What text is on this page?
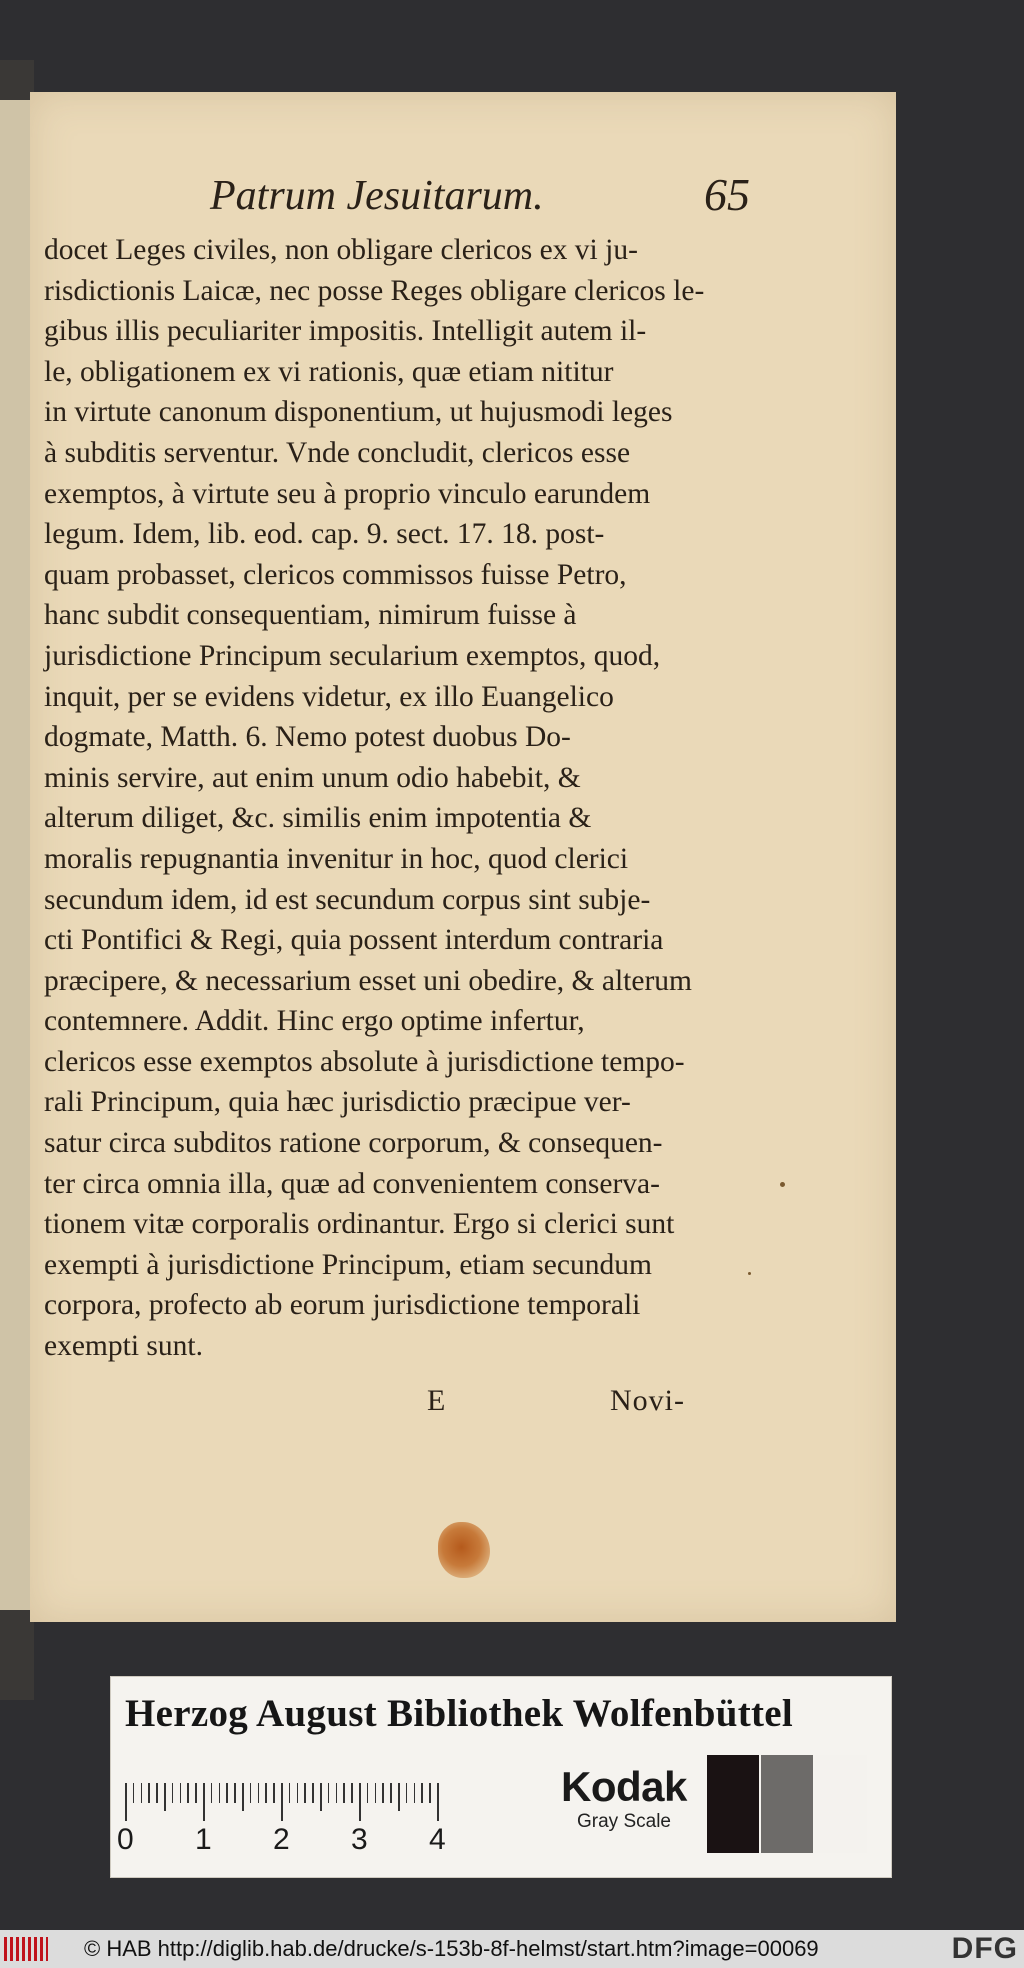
Patrum Jesuitarum.	65
docet Leges civiles, non obligare clericos ex vi ju-
risdictionis Laicæ, nec posse Reges obligare clericos le-
gibus illis peculiariter impositis. Intelligit autem il-
le, obligationem ex vi rationis, quæ etiam nititur
in virtute canonum disponentium, ut hujusmodi leges
à subditis serventur. Vnde concludit, clericos esse
exemptos, à virtute seu à proprio vinculo earundem
legum. Idem, lib. eod. cap. 9. sect. 17. 18. post-
quam probasset, clericos commissos fuisse Petro,
hanc subdit consequentiam, nimirum fuisse à
jurisdictione Principum secularium exemptos, quod,
inquit, per se evidens videtur, ex illo Euangelico
dogmate, Matth. 6. Nemo potest duobus Do-
minis servire, aut enim unum odio habebit, &
alterum diliget, &c. similis enim impotentia &
moralis repugnantia invenitur in hoc, quod clerici
secundum idem, id est secundum corpus sint subje-
cti Pontifici & Regi, quia possent interdum contraria
præcipere, & necessarium esset uni obedire, & alterum
contemnere. Addit. Hinc ergo optime infertur,
clericos esse exemptos absolute à jurisdictione tempo-
rali Principum, quia hæc jurisdictio præcipue ver-
satur circa subditos ratione corporum, & consequen-
ter circa omnia illa, quæ ad convenientem conserva-
tionem vitæ corporalis ordinantur. Ergo si clerici sunt
exempti à jurisdictione Principum, etiam secundum
corpora, profecto ab eorum jurisdictione temporali
exempti sunt.
E	Novi-
Herzog August Bibliothek Wolfenbüttel
0 1 2 3 4
Kodak
Gray Scale
© HAB http://diglib.hab.de/drucke/s-153b-8f-helmst/start.htm?image=00069	DFG
